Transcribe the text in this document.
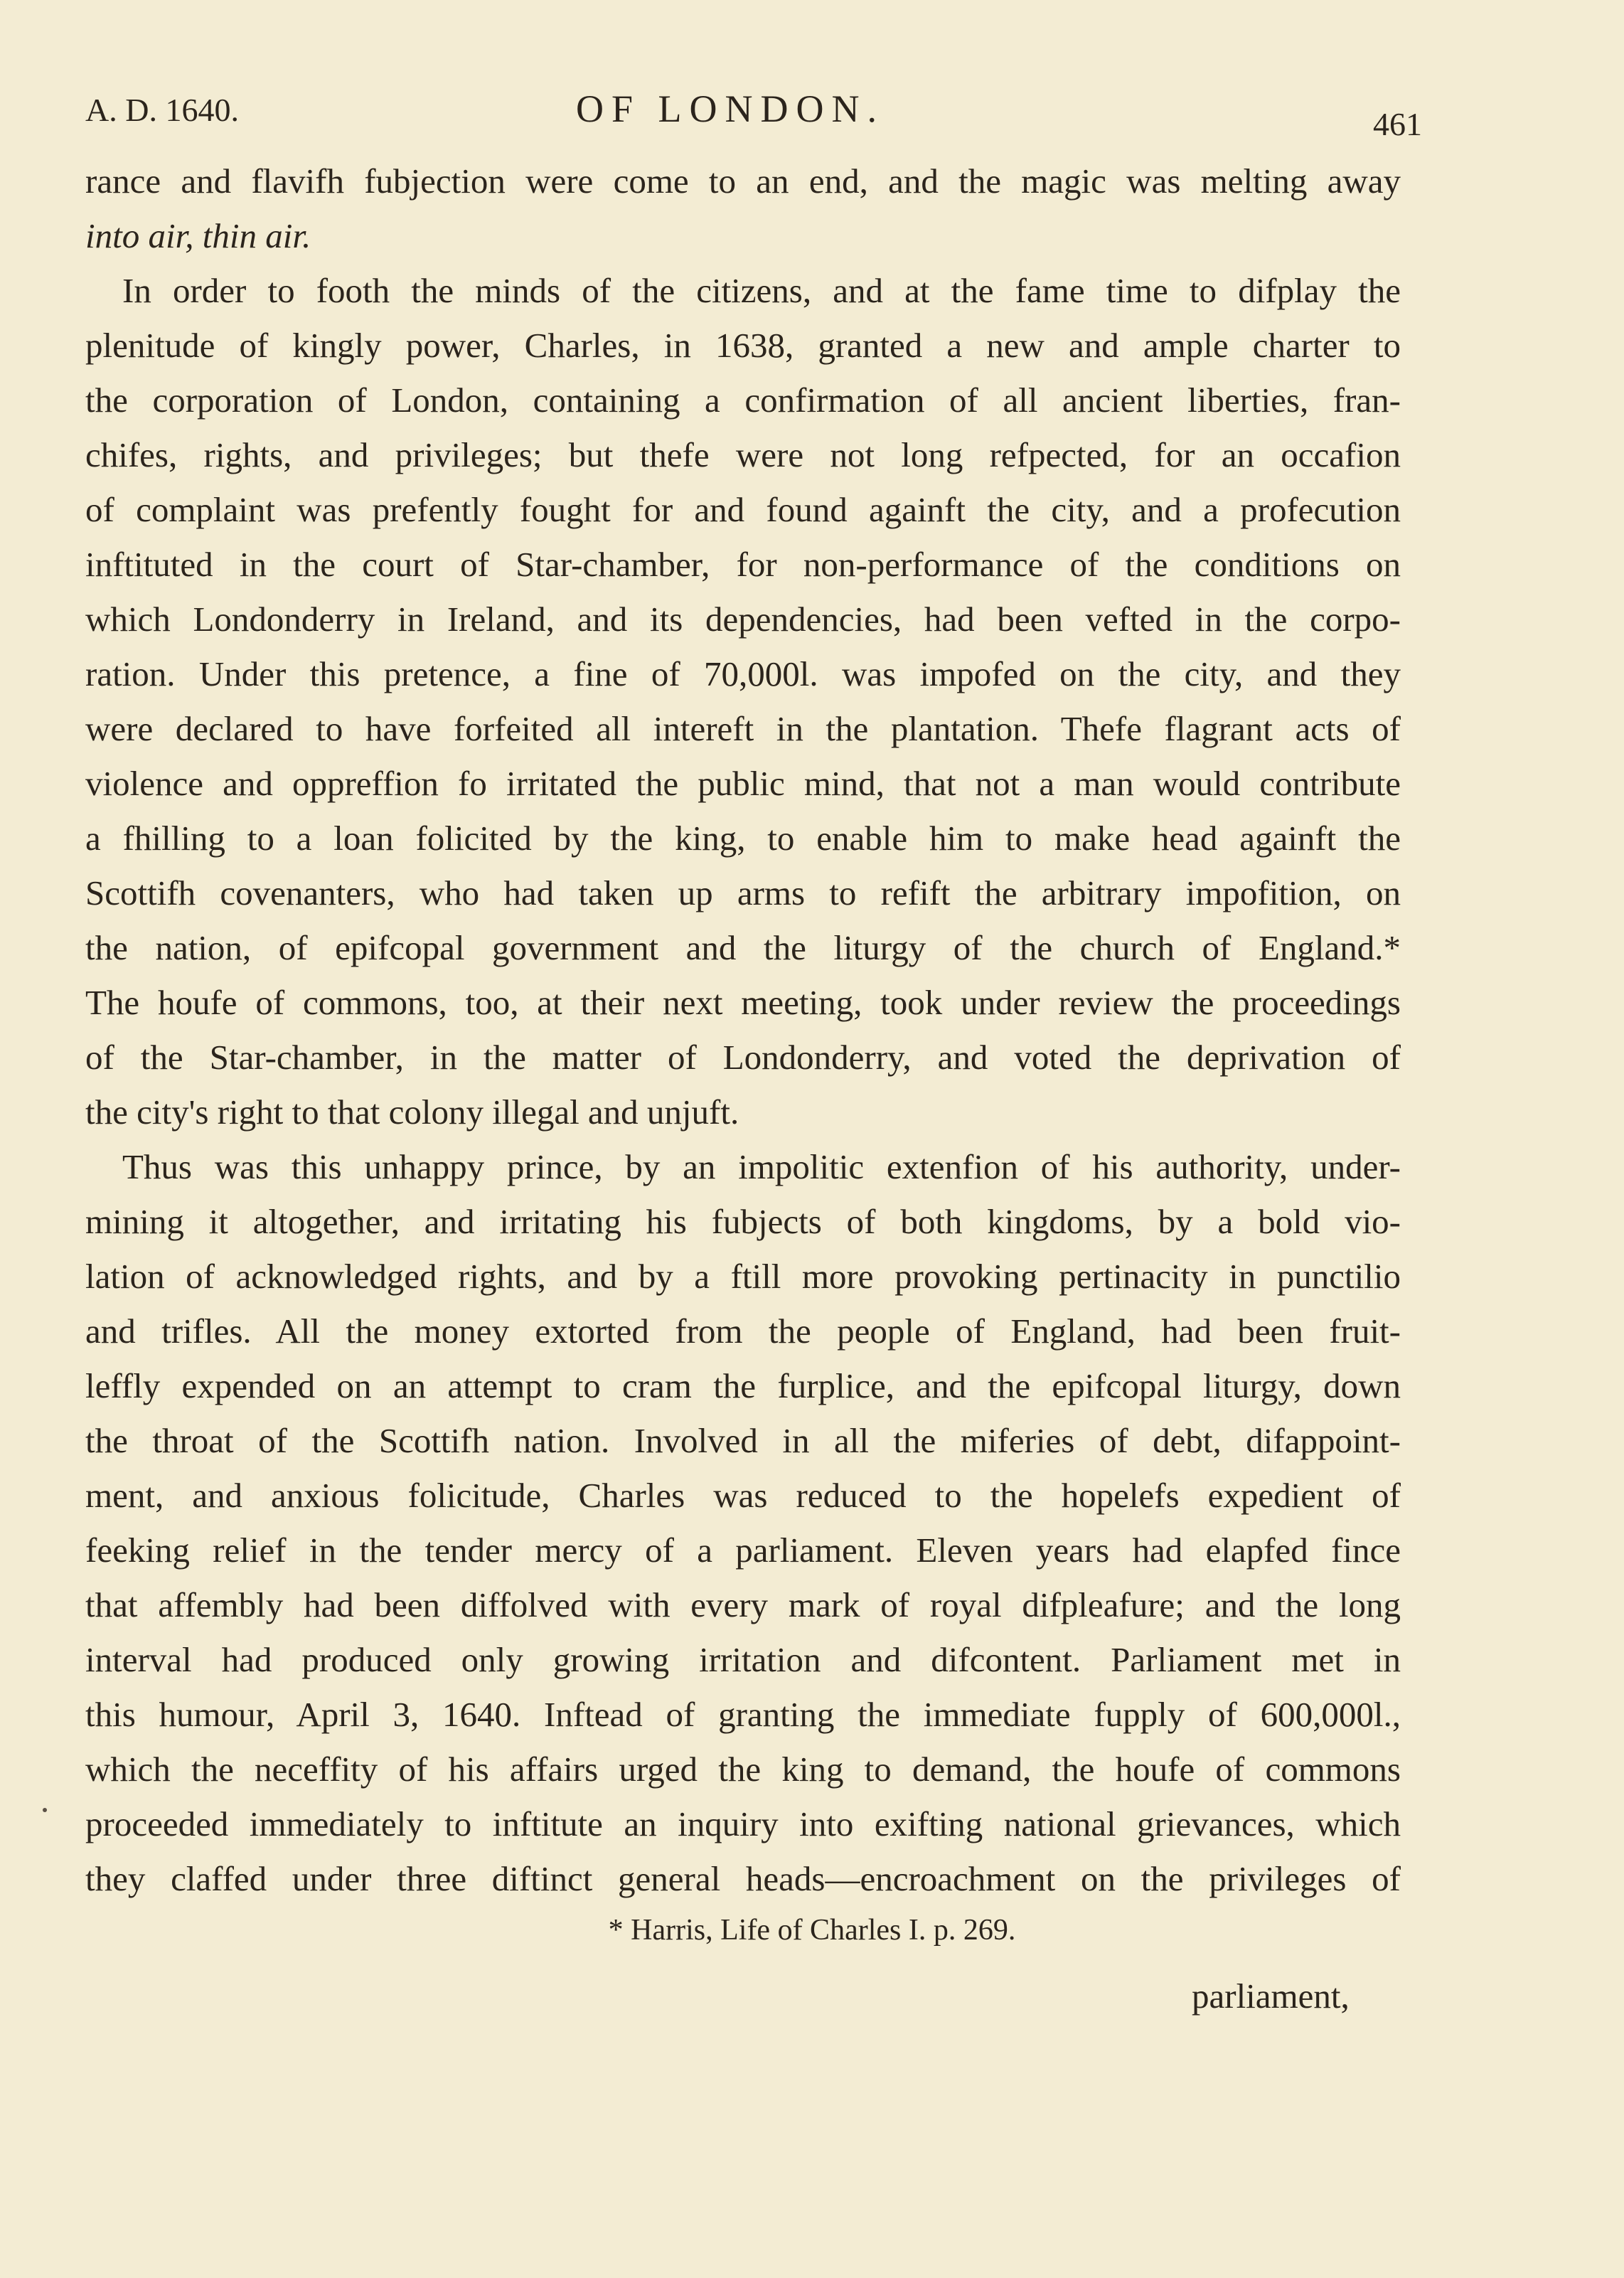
A. D. 1640.	OF LONDON.	461
rance and flavifh fubjection were come to an end, and the magic was melting away
into air, thin air.
In order to footh the minds of the citizens, and at the fame time to difplay the
plenitude of kingly power, Charles, in 1638, granted a new and ample charter to
the corporation of London, containing a confirmation of all ancient liberties, fran-
chifes, rights, and privileges; but thefe were not long refpected, for an occafion
of complaint was prefently fought for and found againft the city, and a profecution
inftituted in the court of Star-chamber, for non-performance of the conditions on
which Londonderry in Ireland, and its dependencies, had been vefted in the corpo-
ration. Under this pretence, a fine of 70,000l. was impofed on the city, and they
were declared to have forfeited all intereft in the plantation. Thefe flagrant acts of
violence and oppreffion fo irritated the public mind, that not a man would contribute
a fhilling to a loan folicited by the king, to enable him to make head againft the
Scottifh covenanters, who had taken up arms to refift the arbitrary impofition, on
the nation, of epifcopal government and the liturgy of the church of England.*
The houfe of commons, too, at their next meeting, took under review the proceedings
of the Star-chamber, in the matter of Londonderry, and voted the deprivation of
the city's right to that colony illegal and unjuft.
Thus was this unhappy prince, by an impolitic extenfion of his authority, under-
mining it altogether, and irritating his fubjects of both kingdoms, by a bold vio-
lation of acknowledged rights, and by a ftill more provoking pertinacity in punctilio
and trifles. All the money extorted from the people of England, had been fruit-
leffly expended on an attempt to cram the furplice, and the epifcopal liturgy, down
the throat of the Scottifh nation. Involved in all the miferies of debt, difappoint-
ment, and anxious folicitude, Charles was reduced to the hopelefs expedient of
feeking relief in the tender mercy of a parliament. Eleven years had elapfed fince
that affembly had been diffolved with every mark of royal difpleafure; and the long
interval had produced only growing irritation and difcontent. Parliament met in
this humour, April 3, 1640. Inftead of granting the immediate fupply of 600,000l.,
which the neceffity of his affairs urged the king to demand, the houfe of commons
proceeded immediately to inftitute an inquiry into exifting national grievances, which
they claffed under three diftinct general heads—encroachment on the privileges of
* Harris, Life of Charles I. p. 269.
parliament,
